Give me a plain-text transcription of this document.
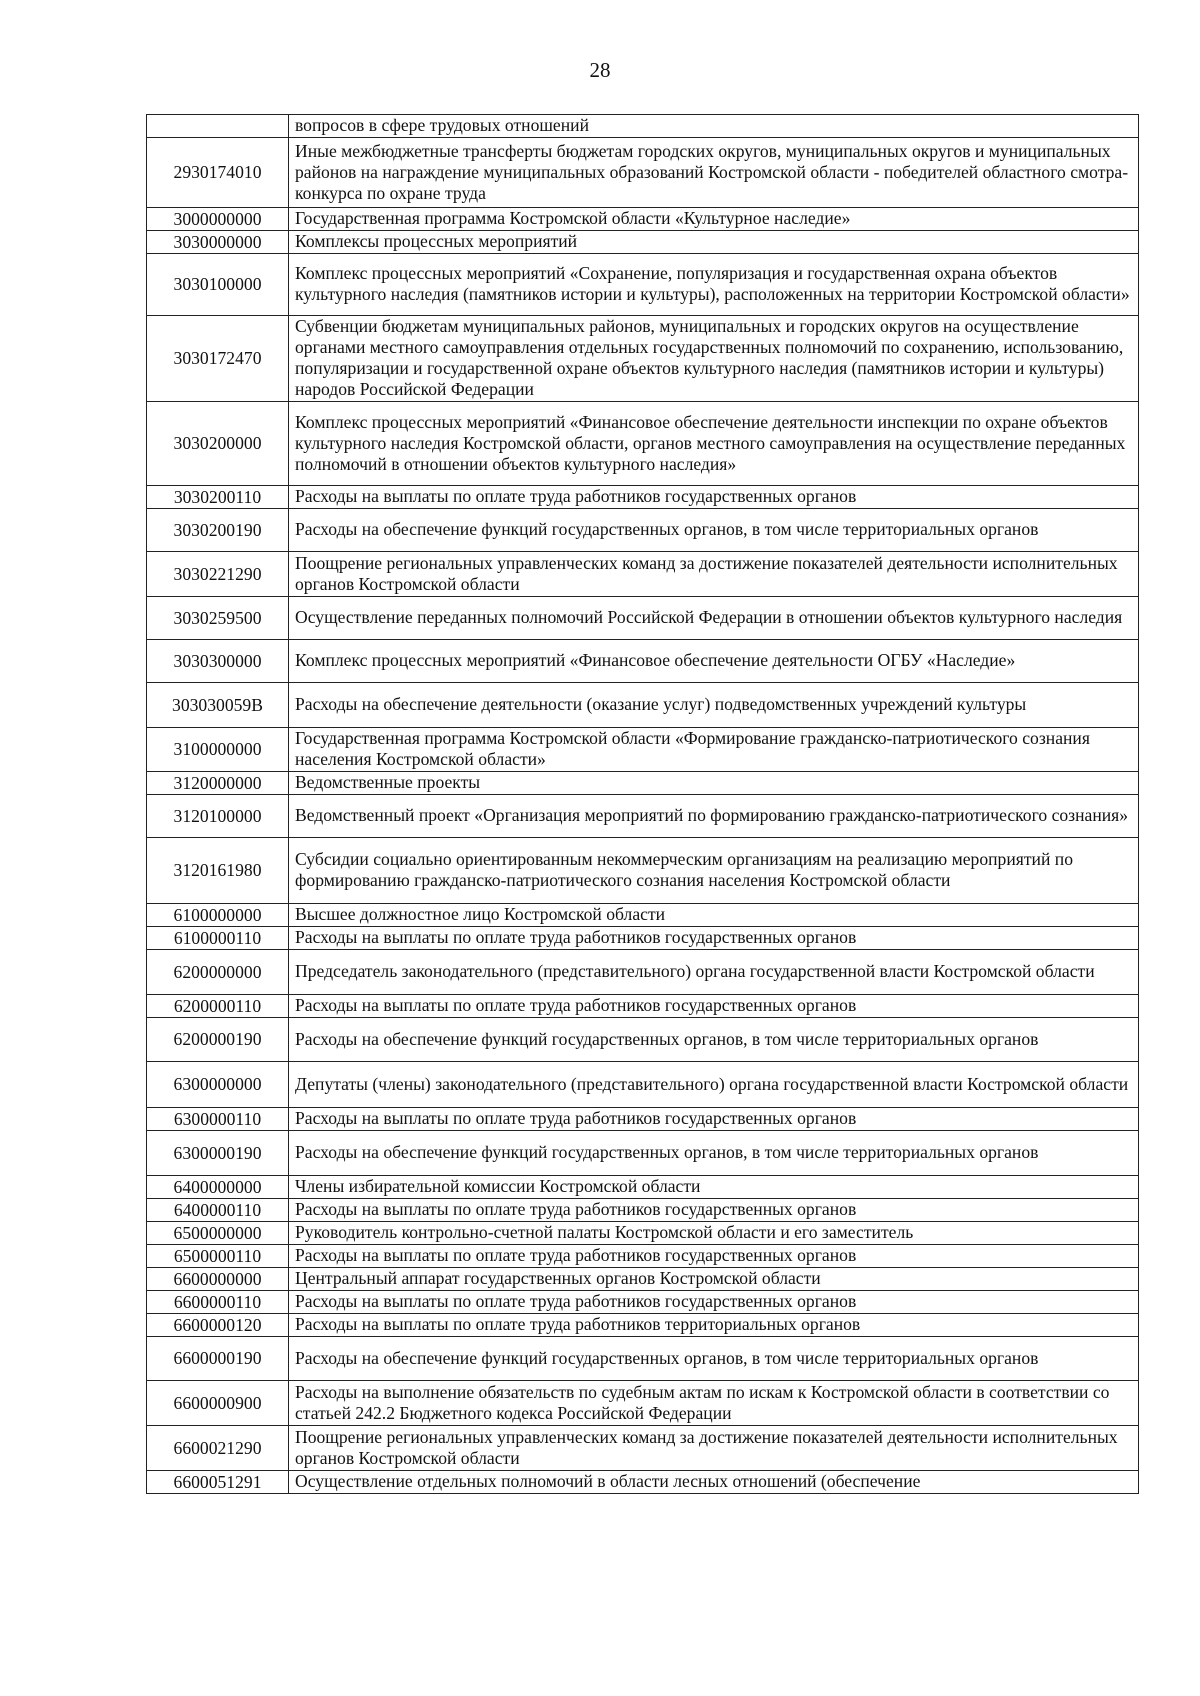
28
	вопросов в сфере трудовых отношений
2930174010	Иные межбюджетные трансферты бюджетам городских округов, муниципальных округов и муниципальных районов на награждение муниципальных образований Костромской области - победителей областного смотра-конкурса по охране труда
3000000000	Государственная программа Костромской области «Культурное наследие»
3030000000	Комплексы процессных мероприятий
3030100000	Комплекс процессных мероприятий «Сохранение, популяризация и государственная охрана объектов культурного наследия (памятников истории и культуры), расположенных на территории Костромской области»
3030172470	Субвенции бюджетам муниципальных районов, муниципальных и городских округов на осуществление органами местного самоуправления отдельных государственных полномочий по сохранению, использованию, популяризации и государственной охране объектов культурного наследия (памятников истории и культуры) народов Российской Федерации
3030200000	Комплекс процессных мероприятий «Финансовое обеспечение деятельности инспекции по охране объектов культурного наследия Костромской области, органов местного самоуправления на осуществление переданных полномочий в отношении объектов культурного наследия»
3030200110	Расходы на выплаты по оплате труда работников государственных органов
3030200190	Расходы на обеспечение функций государственных органов, в том числе территориальных органов
3030221290	Поощрение региональных управленческих команд за достижение показателей деятельности исполнительных органов Костромской области
3030259500	Осуществление переданных полномочий Российской Федерации в отношении объектов культурного наследия
3030300000	Комплекс процессных мероприятий «Финансовое обеспечение деятельности ОГБУ «Наследие»
303030059В	Расходы на обеспечение деятельности (оказание услуг) подведомственных учреждений культуры
3100000000	Государственная программа Костромской области «Формирование гражданско-патриотического сознания населения Костромской области»
3120000000	Ведомственные проекты
3120100000	Ведомственный проект «Организация мероприятий по формированию гражданско-патриотического сознания»
3120161980	Субсидии социально ориентированным некоммерческим организациям на реализацию мероприятий по формированию гражданско-патриотического сознания населения Костромской области
6100000000	Высшее должностное лицо Костромской области
6100000110	Расходы на выплаты по оплате труда работников государственных органов
6200000000	Председатель законодательного (представительного) органа государственной власти Костромской области
6200000110	Расходы на выплаты по оплате труда работников государственных органов
6200000190	Расходы на обеспечение функций государственных органов, в том числе территориальных органов
6300000000	Депутаты (члены) законодательного (представительного) органа государственной власти Костромской области
6300000110	Расходы на выплаты по оплате труда работников государственных органов
6300000190	Расходы на обеспечение функций государственных органов, в том числе территориальных органов
6400000000	Члены избирательной комиссии Костромской области
6400000110	Расходы на выплаты по оплате труда работников государственных органов
6500000000	Руководитель контрольно-счетной палаты Костромской области и его заместитель
6500000110	Расходы на выплаты по оплате труда работников государственных органов
6600000000	Центральный аппарат государственных органов Костромской области
6600000110	Расходы на выплаты по оплате труда работников государственных органов
6600000120	Расходы на выплаты по оплате труда работников территориальных органов
6600000190	Расходы на обеспечение функций государственных органов, в том числе территориальных органов
6600000900	Расходы на выполнение обязательств по судебным актам по искам к Костромской области в соответствии со статьей 242.2 Бюджетного кодекса Российской Федерации
6600021290	Поощрение региональных управленческих команд за достижение показателей деятельности исполнительных органов Костромской области
6600051291	Осуществление отдельных полномочий в области лесных отношений (обеспечение
